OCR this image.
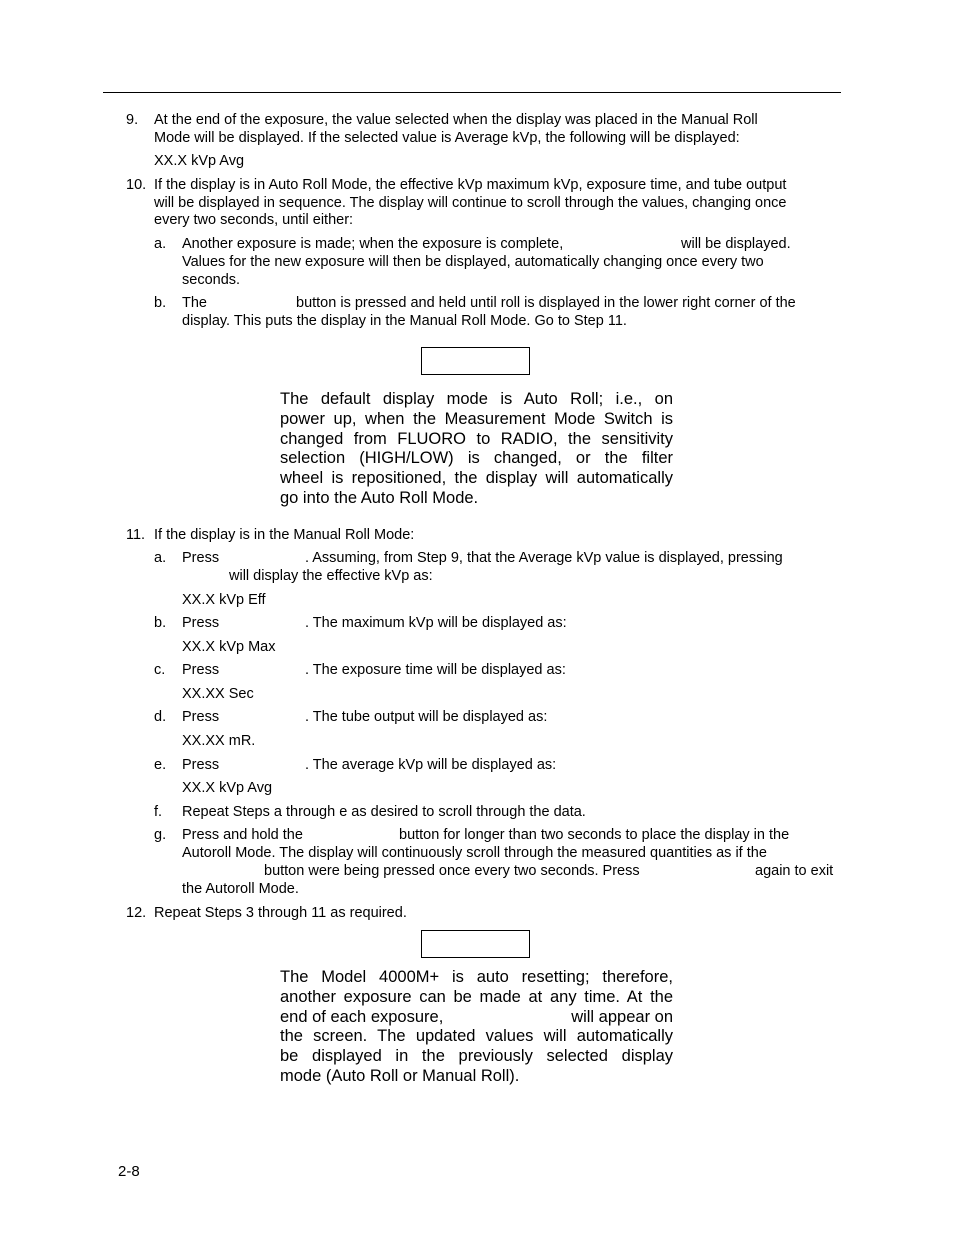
9. At the end of the exposure, the value selected when the display was placed in the Manual Roll
Mode will be displayed. If the selected value is Average kVp, the following will be displayed:
XX.X kVp Avg
10. If the display is in Auto Roll Mode, the effective kVp maximum kVp, exposure time, and tube output
will be displayed in sequence. The display will continue to scroll through the values, changing once
every two seconds, until either:
a. Another exposure is made; when the exposure is complete,	will be displayed.
Values for the new exposure will then be displayed, automatically changing once every two
seconds.
b. The	button is pressed and held until roll is displayed in the lower right corner of the
display. This puts the display in the Manual Roll Mode. Go to Step 11.
The default display mode is Auto Roll; i.e., on
power up, when the Measurement Mode Switch is
changed from FLUORO to RADIO, the sensitivity
selection (HIGH/LOW) is changed, or the filter
wheel is repositioned, the display will automatically
go into the Auto Roll Mode.
11. If the display is in the Manual Roll Mode:
a. Press	. Assuming, from Step 9, that the Average kVp value is displayed, pressing
will display the effective kVp as:
XX.X kVp Eff
b. Press	. The maximum kVp will be displayed as:
XX.X kVp Max
c. Press	. The exposure time will be displayed as:
XX.XX Sec
d. Press	. The tube output will be displayed as:
XX.XX mR.
e. Press	. The average kVp will be displayed as:
XX.X kVp Avg
f. Repeat Steps a through e as desired to scroll through the data.
g. Press and hold the	button for longer than two seconds to place the display in the
Autoroll Mode. The display will continuously scroll through the measured quantities as if the
button were being pressed once every two seconds. Press	again to exit
the Autoroll Mode.
12. Repeat Steps 3 through 11 as required.
The Model 4000M+ is auto resetting; therefore,
another exposure can be made at any time. At the
end of each exposure,	will appear on
the screen. The updated values will automatically
be displayed in the previously selected display
mode (Auto Roll or Manual Roll).
2-8
